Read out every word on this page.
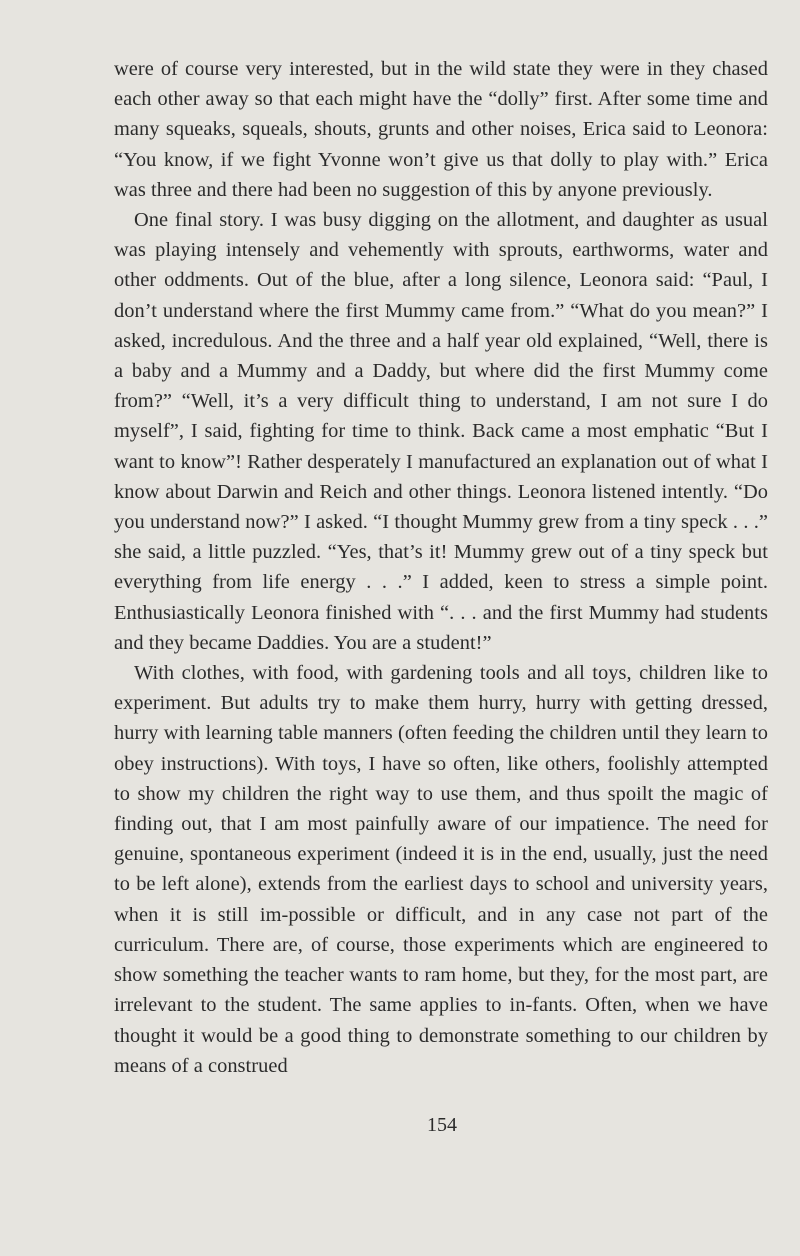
were of course very interested, but in the wild state they were in they chased each other away so that each might have the “dolly” first. After some time and many squeaks, squeals, shouts, grunts and other noises, Erica said to Leonora: “You know, if we fight Yvonne won’t give us that dolly to play with.” Erica was three and there had been no suggestion of this by anyone previously.

One final story. I was busy digging on the allotment, and daughter as usual was playing intensely and vehemently with sprouts, earthworms, water and other oddments. Out of the blue, after a long silence, Leonora said: “Paul, I don’t understand where the first Mummy came from.” “What do you mean?” I asked, incredulous. And the three and a half year old explained, “Well, there is a baby and a Mummy and a Daddy, but where did the first Mummy come from?” “Well, it’s a very difficult thing to understand, I am not sure I do myself”, I said, fighting for time to think. Back came a most emphatic “But I want to know”! Rather desperately I manufactured an explanation out of what I know about Darwin and Reich and other things. Leonora listened intently. “Do you understand now?” I asked. “I thought Mummy grew from a tiny speck . . .” she said, a little puzzled. “Yes, that’s it! Mummy grew out of a tiny speck but everything from life energy . . .” I added, keen to stress a simple point. Enthusiastically Leonora finished with “. . . and the first Mummy had students and they became Daddies. You are a student!”

With clothes, with food, with gardening tools and all toys, children like to experiment. But adults try to make them hurry, hurry with getting dressed, hurry with learning table manners (often feeding the children until they learn to obey instructions). With toys, I have so often, like others, foolishly attempted to show my children the right way to use them, and thus spoilt the magic of finding out, that I am most painfully aware of our impatience. The need for genuine, spontaneous experiment (indeed it is in the end, usually, just the need to be left alone), extends from the earliest days to school and university years, when it is still im-possible or difficult, and in any case not part of the curriculum. There are, of course, those experiments which are engineered to show something the teacher wants to ram home, but they, for the most part, are irrelevant to the student. The same applies to in-fants. Often, when we have thought it would be a good thing to demonstrate something to our children by means of a construed

154
